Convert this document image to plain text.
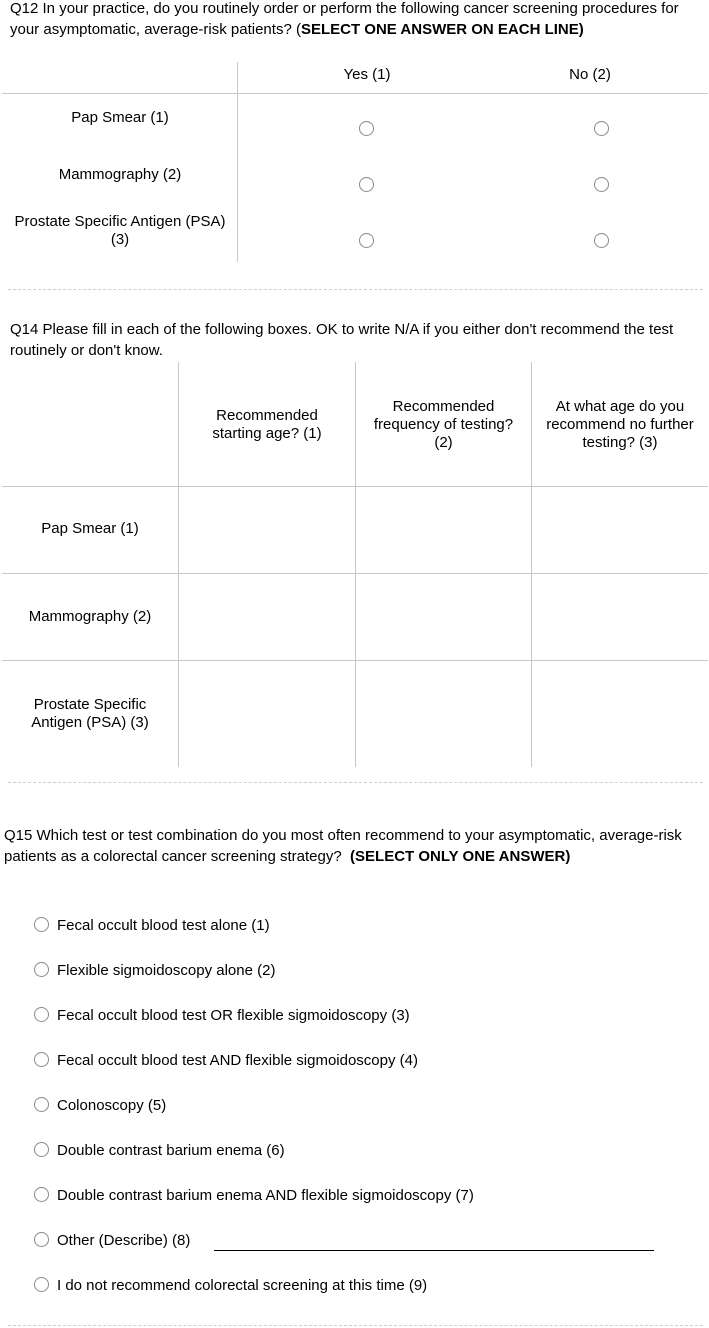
Q12 In your practice, do you routinely order or perform the following cancer screening procedures for your asymptomatic, average-risk patients? (SELECT ONE ANSWER ON EACH LINE)
Yes (1)	No (2)
Pap Smear (1)
Mammography (2)
Prostate Specific Antigen (PSA) (3)
Q14 Please fill in each of the following boxes. OK to write N/A if you either don't recommend the test routinely or don't know.
Recommended starting age? (1)
Recommended frequency of testing? (2)
At what age do you recommend no further testing? (3)
Pap Smear (1)
Mammography (2)
Prostate Specific Antigen (PSA) (3)
Q15 Which test or test combination do you most often recommend to your asymptomatic, average-risk patients as a colorectal cancer screening strategy? (SELECT ONLY ONE ANSWER)
Fecal occult blood test alone (1)
Flexible sigmoidoscopy alone (2)
Fecal occult blood test OR flexible sigmoidoscopy (3)
Fecal occult blood test AND flexible sigmoidoscopy (4)
Colonoscopy (5)
Double contrast barium enema (6)
Double contrast barium enema AND flexible sigmoidoscopy (7)
Other (Describe) (8)
I do not recommend colorectal screening at this time (9)
